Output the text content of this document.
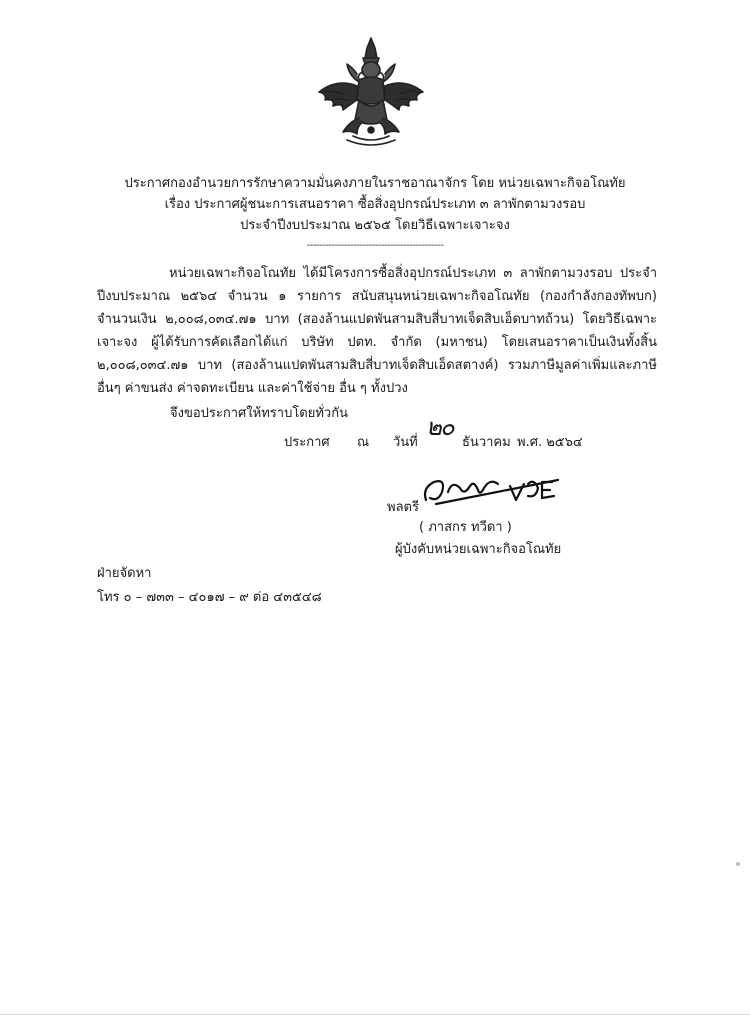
ประกาศกองอำนวยการรักษาความมั่นคงภายในราชอาณาจักร โดย หน่วยเฉพาะกิจอโณทัย
เรื่อง ประกาศผู้ชนะการเสนอราคา ซื้อสิ่งอุปกรณ์ประเภท ๓ ลาพักตามวงรอบ
ประจำปีงบประมาณ ๒๕๖๕ โดยวิธีเฉพาะเจาะจง
--------------------------------------------
หน่วยเฉพาะกิจอโณทัย ได้มีโครงการซื้อสิ่งอุปกรณ์ประเภท ๓ ลาพักตามวงรอบ ประจำปีงบประมาณ ๒๕๖๔ จำนวน ๑ รายการ สนับสนุนหน่วยเฉพาะกิจอโณทัย (กองกำลังกองทัพบก) จำนวนเงิน ๒,๐๐๘,๐๓๔.๗๑ บาท (สองล้านแปดพันสามสิบสี่บาทเจ็ดสิบเอ็ดบาทถ้วน) โดยวิธีเฉพาะเจาะจง ผู้ได้รับการคัดเลือกได้แก่ บริษัท ปตท. จำกัด (มหาชน) โดยเสนอราคาเป็นเงินทั้งสิ้น ๒,๐๐๘,๐๓๔.๗๑ บาท (สองล้านแปดพันสามสิบสี่บาทเจ็ดสิบเอ็ดสตางค์) รวมภาษีมูลค่าเพิ่มและภาษีอื่นๆ ค่าขนส่ง ค่าจดทะเบียน และค่าใช้จ่าย อื่น ๆ ทั้งปวง
จึงขอประกาศให้ทราบโดยทั่วกัน
ประกาศ ณ วันที่
๒๐
ธันวาคม พ.ศ. ๒๕๖๔
พลตรี
( ภาสกร ทวีดา )
ผู้บังคับหน่วยเฉพาะกิจอโณทัย
ฝ่ายจัดหา
โทร ๐ – ๗๓๓ – ๔๐๑๗ – ๙ ต่อ ๔๓๕๔๘
